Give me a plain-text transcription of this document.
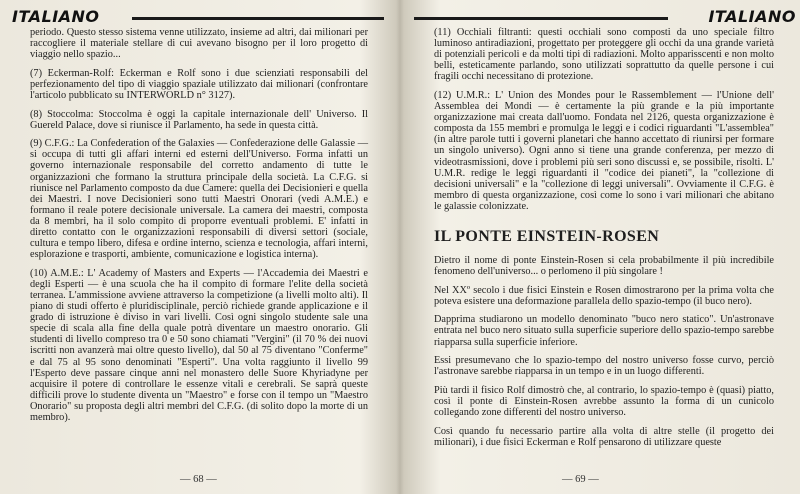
ITALIANO

periodo. Questo stesso sistema venne utilizzato, insieme ad altri, dai milionari per raccogliere il materiale stellare di cui avevano bisogno per il loro progetto di viaggio nello spazio...

(7) Eckerman-Rolf: Eckerman e Rolf sono i due scienziati responsabili del perfezionamento del tipo di viaggio spaziale utilizzato dai milionari (confrontare l'articolo pubblicato su INTERWORLD n° 3127).

(8) Stoccolma: Stoccolma è oggi la capitale internazionale dell' Universo. Il Guereld Palace, dove si riunisce il Parlamento, ha sede in questa città.

(9) C.F.G.: La Confederation of the Galaxies — Confederazione delle Galassie — si occupa di tutti gli affari interni ed esterni dell'Universo. Forma infatti un governo internazionale responsabile del corretto andamento di tutte le organizzazioni che formano la struttura principale della società. La C.F.G. si riunisce nel Parlamento composto da due Camere: quella dei Decisionieri e quella dei Maestri. I nove Decisionieri sono tutti Maestri Onorari (vedi A.M.E.) e formano il reale potere decisionale universale. La camera dei maestri, composta da 8 membri, ha il solo compito di proporre eventuali problemi. E' infatti in diretto contatto con le organizzazioni responsabili di diversi settori (sociale, cultura e tempo libero, difesa e ordine interno, scienza e tecnologia, affari interni, esplorazione e trasporti, ambiente, comunicazione e logistica interna).

(10) A.M.E.: L' Academy of Masters and Experts — l'Accademia dei Maestri e degli Esperti — è una scuola che ha il compito di formare l'elite della società terranea. L'ammissione avviene attraverso la competizione (a livelli molto alti). Il piano di studi offerto è pluridisciplinale, perciò richiede grande applicazione e il grado di istruzione è diviso in vari livelli. Così ogni singolo studente sale una specie di scala alla fine della quale potrà diventare un maestro onorario. Gli studenti di livello compreso tra 0 e 50 sono chiamati "Vergini" (il 70 % dei nuovi iscritti non avanzerà mai oltre questo livello), dal 50 al 75 diventano "Conferme" e dal 75 al 95 sono denominati "Esperti". Una volta raggiunto il livello 99 l'Esperto deve passare cinque anni nel monastero delle Suore Khyriadyne per acquisire il potere di controllare le essenze vitali e cerebrali. Se saprà queste difficili prove lo studente diventa un "Maestro" e forse con il tempo un "Maestro Onorario" su proposta degli altri membri del C.F.G. (di solito dopo la morte di un membro).

— 68 —
ITALIANO

(11) Occhiali filtranti: questi occhiali sono composti da uno speciale filtro luminoso antiradiazioni, progettato per proteggere gli occhi da una grande varietà di potenziali pericoli e da molti tipi di radiazioni. Molto apparisscenti e non molto belli, esteticamente parlando, sono utilizzati soprattutto da quelle persone i cui fragili occhi necessitano di protezione.

(12) U.M.R.: L' Union des Mondes pour le Rassemblement — l'Unione dell' Assemblea dei Mondi — è certamente la più grande e la più importante organizzazione mai creata dall'uomo. Fondata nel 2126, questa organizzazione è composta da 155 membri e promulga le leggi e i codici riguardanti "L'assemblea" (in altre parole tutti i governi planetari che hanno accettato di riunirsi per formare un singolo universo). Ogni anno si tiene una grande conferenza, per mezzo di videotrasmissioni, dove i problemi più seri sono discussi e, se possibile, risolti. L' U.M.R. redige le leggi riguardanti il "codice dei pianeti", la "collezione di decisioni universali" e la "collezione di leggi universali". Ovviamente il C.F.G. è membro di questa organizzazione, così come lo sono i vari milionari che abitano le galassie colonizzate.

IL PONTE EINSTEIN-ROSEN

Dietro il nome di ponte Einstein-Rosen si cela probabilmente il più incredibile fenomeno dell'universo... o perlomeno il più singolare !

Nel XXº secolo i due fisici Einstein e Rosen dimostrarono per la prima volta che poteva esistere una deformazione parallela dello spazio-tempo (il buco nero).

Dapprima studiarono un modello denominato "buco nero statico". Un'astronave entrata nel buco nero situato sulla superficie superiore dello spazio-tempo sarebbe riapparsa sulla superficie inferiore.

Essi presumevano che lo spazio-tempo del nostro universo fosse curvo, perciò l'astronave sarebbe riapparsa in un tempo e in un luogo differenti.

Più tardi il fisico Rolf dimostrò che, al contrario, lo spazio-tempo è (quasi) piatto, così il ponte di Einstein-Rosen avrebbe assunto la forma di un cunicolo collegando zone differenti del nostro universo.

Così quando fu necessario partire alla volta di altre stelle (il progetto dei milionari), i due fisici Eckerman e Rolf pensarono di utilizzare queste

— 69 —
